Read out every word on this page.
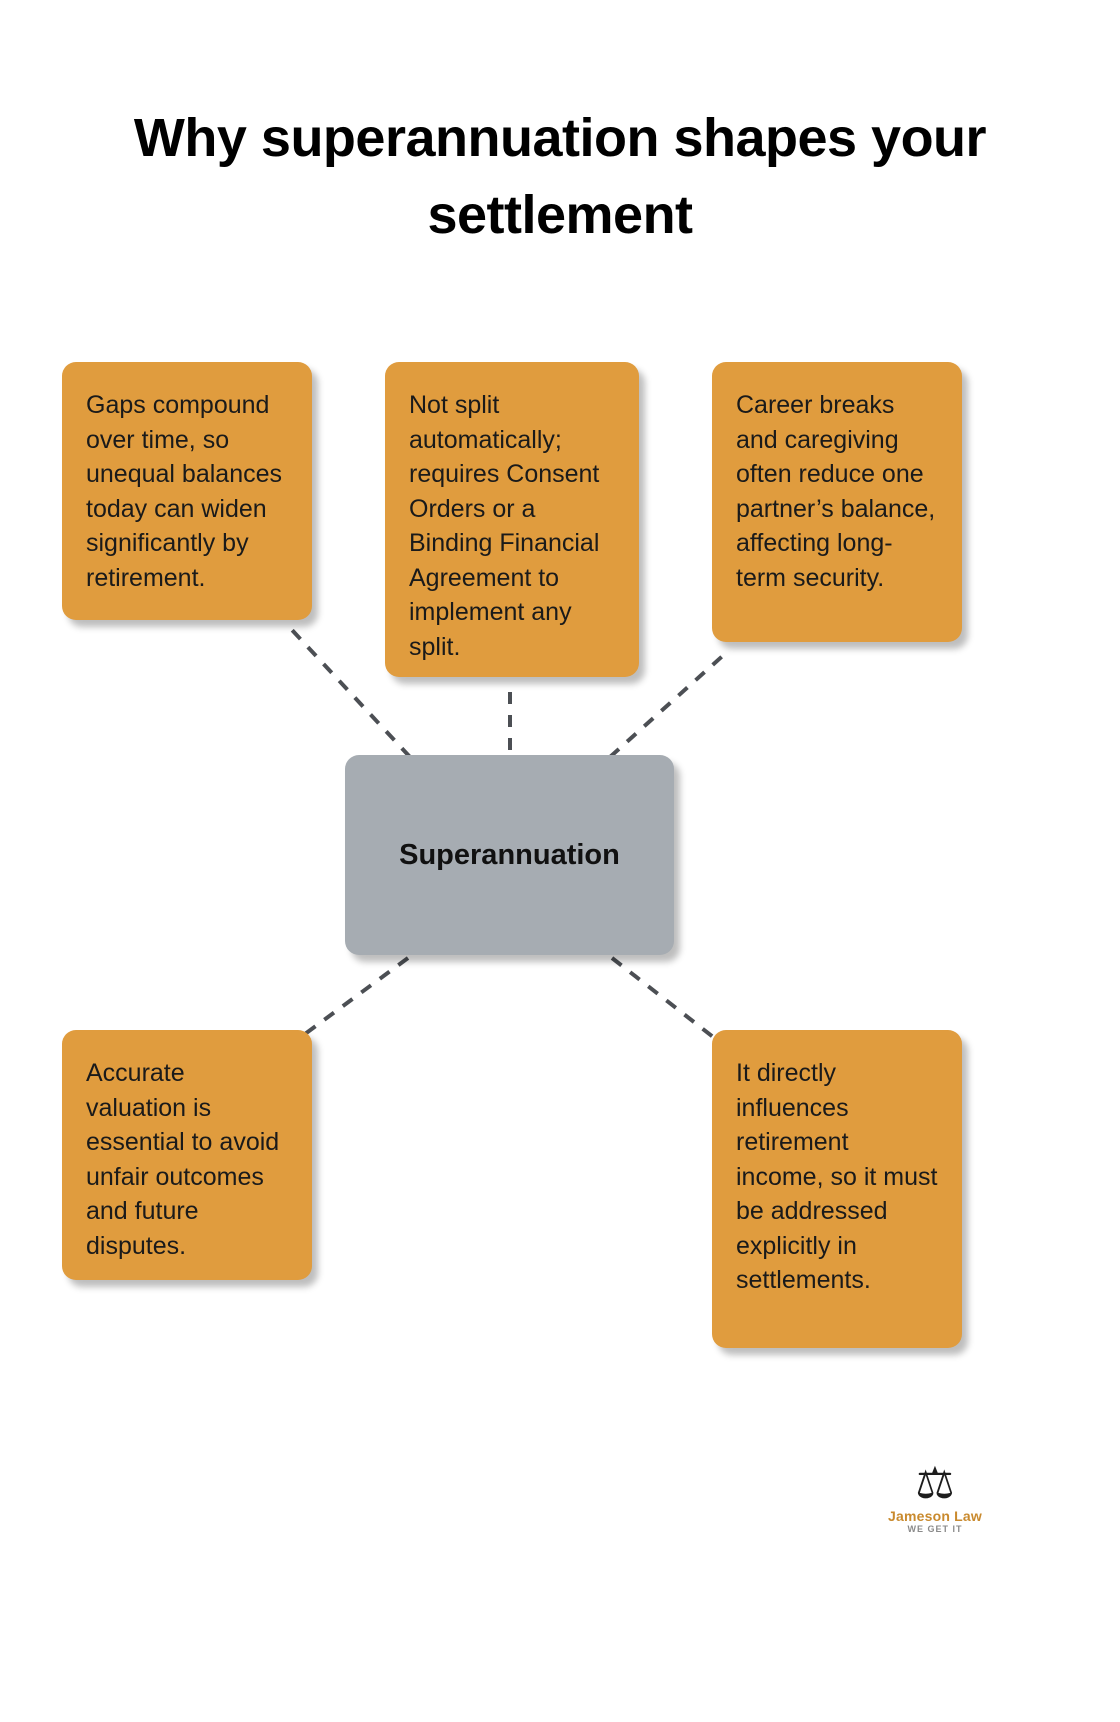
Why superannuation shapes your settlement
Gaps compound over time, so unequal balances today can widen significantly by retirement.
Not split automatically; requires Consent Orders or a Binding Financial Agreement to implement any split.
Career breaks and caregiving often reduce one partner’s balance, affecting long-term security.
Superannuation
Accurate valuation is essential to avoid unfair outcomes and future disputes.
It directly influences retirement income, so it must be addressed explicitly in settlements.
⚖
Jameson Law
WE GET IT
